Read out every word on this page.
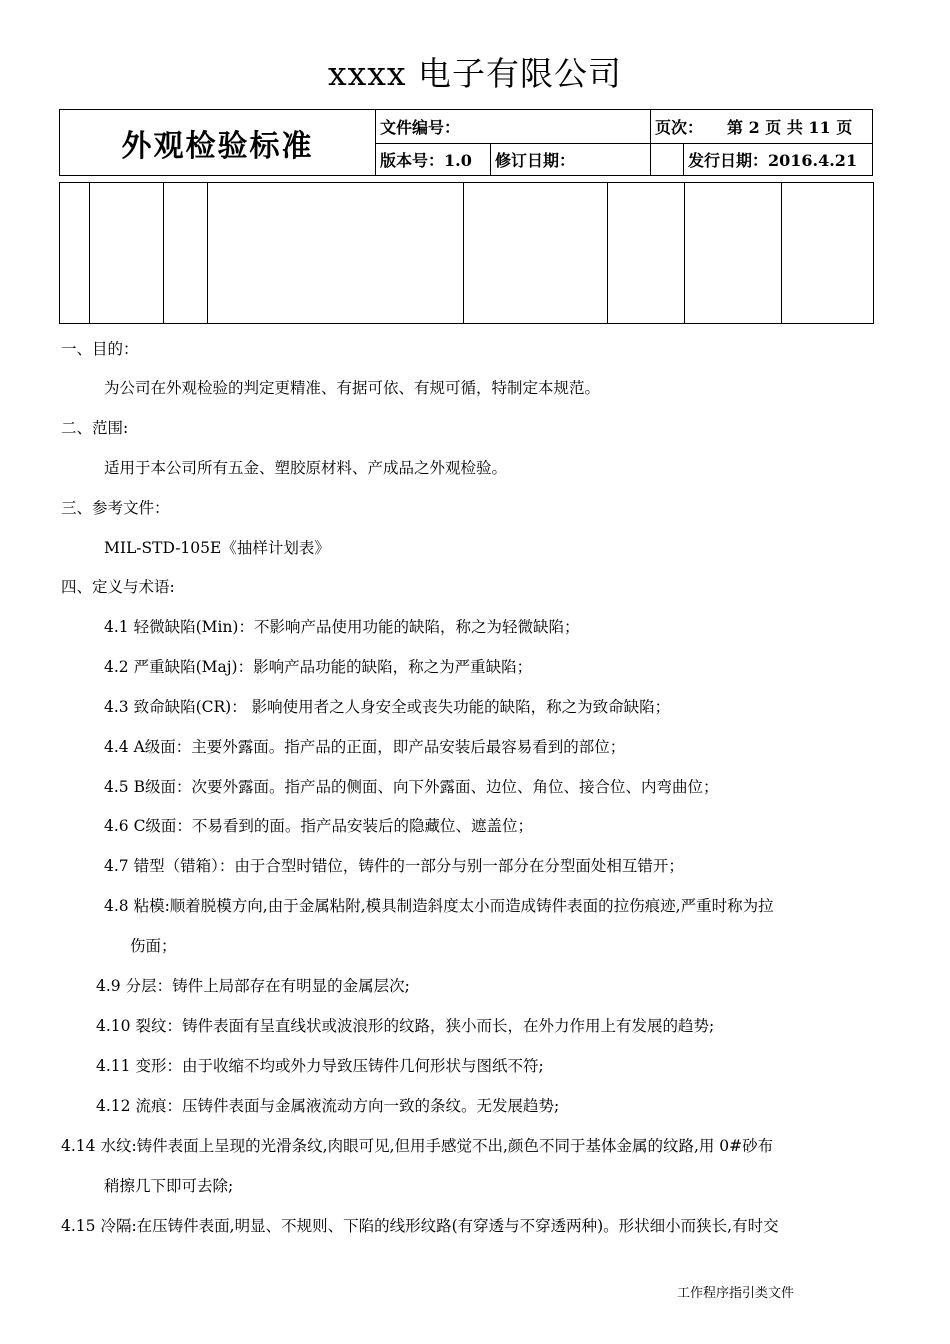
xxxx 电子有限公司
外观检验标准
文件编号：	页次：	第 2 页 共 11 页
版本号：1.0	修订日期：	发行日期：2016.4.21
一、目的：
为公司在外观检验的判定更精准、有据可依、有规可循，特制定本规范。
二、范围:
适用于本公司所有五金、塑胶原材料、产成品之外观检验。
三、参考文件：
MIL-STD-105E《抽样计划表》
四、定义与术语:
4.1 轻微缺陷(Min)：不影响产品使用功能的缺陷，称之为轻微缺陷；
4.2 严重缺陷(Maj)：影响产品功能的缺陷，称之为严重缺陷；
4.3 致命缺陷(CR)： 影响使用者之人身安全或丧失功能的缺陷，称之为致命缺陷；
4.4 A级面：主要外露面。指产品的正面，即产品安装后最容易看到的部位；
4.5 B级面：次要外露面。指产品的侧面、向下外露面、边位、角位、接合位、内弯曲位；
4.6 C级面：不易看到的面。指产品安装后的隐藏位、遮盖位；
4.7 错型（错箱）：由于合型时错位，铸件的一部分与别一部分在分型面处相互错开；
4.8 粘模:顺着脱模方向,由于金属粘附,模具制造斜度太小而造成铸件表面的拉伤痕迹,严重时称为拉
伤面；
4.9 分层：铸件上局部存在有明显的金属层次;
4.10 裂纹：铸件表面有呈直线状或波浪形的纹路，狭小而长，在外力作用上有发展的趋势;
4.11 变形：由于收缩不均或外力导致压铸件几何形状与图纸不符;
4.12 流痕：压铸件表面与金属液流动方向一致的条纹。无发展趋势;
4.14 水纹:铸件表面上呈现的光滑条纹,肉眼可见,但用手感觉不出,颜色不同于基体金属的纹路,用 0#砂布
稍擦几下即可去除;
4.15 冷隔:在压铸件表面,明显、不规则、下陷的线形纹路(有穿透与不穿透两种)。形状细小而狭长,有时交
工作程序指引类文件
